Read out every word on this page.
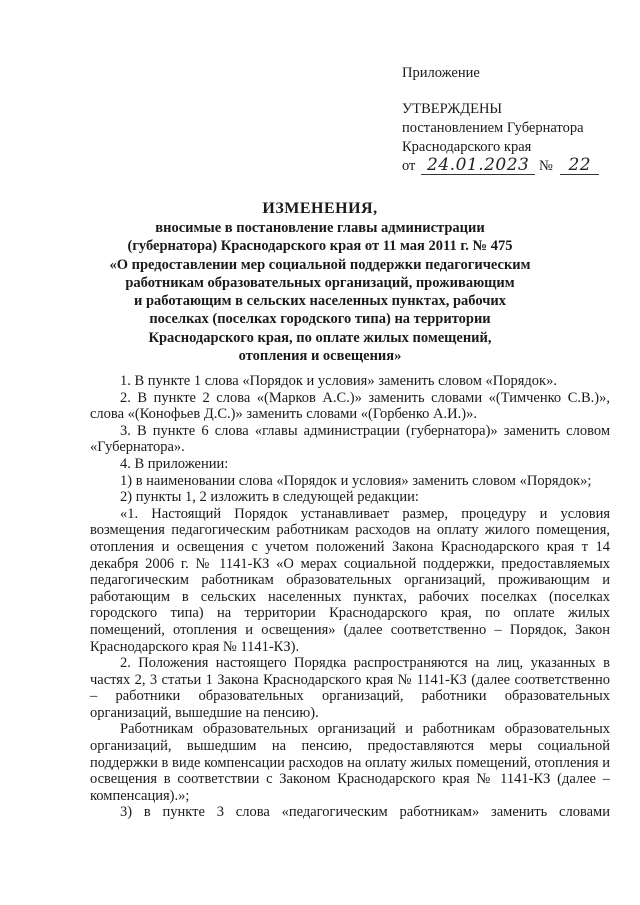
Приложение
УТВЕРЖДЕНЫ
постановлением Губернатора
Краснодарского края
от 24.01.2023 № 22
ИЗМЕНЕНИЯ,
вносимые в постановление главы администрации
(губернатора) Краснодарского края от 11 мая 2011 г. № 475
«О предоставлении мер социальной поддержки педагогическим
работникам образовательных организаций, проживающим
и работающим в сельских населенных пунктах, рабочих
поселках (поселках городского типа) на территории
Краснодарского края, по оплате жилых помещений,
отопления и освещения»

1. В пункте 1 слова «Порядок и условия» заменить словом «Порядок».

2. В пункте 2 слова «(Марков А.С.)» заменить словами «(Тимченко С.В.)», слова «(Конофьев Д.С.)» заменить словами «(Горбенко А.И.)».

3. В пункте 6 слова «главы администрации (губернатора)» заменить словом «Губернатора».

4. В приложении:

1) в наименовании слова «Порядок и условия» заменить словом «Порядок»;

2) пункты 1, 2 изложить в следующей редакции:

«1. Настоящий Порядок устанавливает размер, процедуру и условия возмещения педагогическим работникам расходов на оплату жилого помещения, отопления и освещения с учетом положений Закона Краснодарского края т 14 декабря 2006 г. № 1141-КЗ «О мерах социальной поддержки, предоставляемых педагогическим работникам образовательных организаций, проживающим и работающим в сельских населенных пунктах, рабочих поселках (поселках городского типа) на территории Краснодарского края, по оплате жилых помещений, отопления и освещения» (далее соответственно – Порядок, Закон Краснодарского края № 1141-КЗ).

2. Положения настоящего Порядка распространяются на лиц, указанных в частях 2, 3 статьи 1 Закона Краснодарского края № 1141-КЗ (далее соответственно – работники образовательных организаций, работники образовательных организаций, вышедшие на пенсию).

Работникам образовательных организаций и работникам образовательных организаций, вышедшим на пенсию, предоставляются меры социальной поддержки в виде компенсации расходов на оплату жилых помещений, отопления и освещения в соответствии с Законом Краснодарского края № 1141-КЗ (далее – компенсация).»;

3) в пункте 3 слова «педагогическим работникам» заменить словами
